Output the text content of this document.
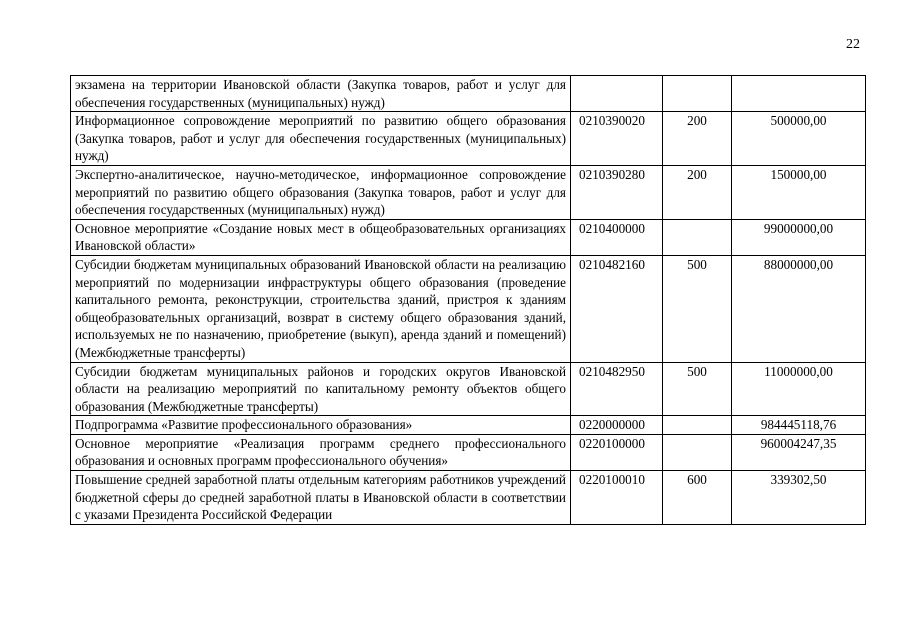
22
экзамена на территории Ивановской области (Закупка товаров, работ и услуг для обеспечения государственных (муниципальных) нужд)			
Информационное сопровождение мероприятий по развитию общего образования (Закупка товаров, работ и услуг для обеспечения государственных (муниципальных) нужд)	0210390020	200	500000,00
Экспертно-аналитическое, научно-методическое, информационное сопровождение мероприятий по развитию общего образования (Закупка товаров, работ и услуг для обеспечения государственных (муниципальных) нужд)	0210390280	200	150000,00
Основное мероприятие «Создание новых мест в общеобразовательных организациях Ивановской области»	0210400000		99000000,00
Субсидии бюджетам муниципальных образований Ивановской области на реализацию мероприятий по модернизации инфраструктуры общего образования (проведение капитального ремонта, реконструкции, строительства зданий, пристроя к зданиям общеобразовательных организаций, возврат в систему общего образования зданий, используемых не по назначению, приобретение (выкуп), аренда зданий и помещений) (Межбюджетные трансферты)	0210482160	500	88000000,00
Субсидии бюджетам муниципальных районов и городских округов Ивановской области на реализацию мероприятий по капитальному ремонту объектов общего образования (Межбюджетные трансферты)	0210482950	500	11000000,00
Подпрограмма «Развитие профессионального образования»	0220000000		984445118,76
Основное мероприятие «Реализация программ среднего профессионального образования и основных программ профессионального обучения»	0220100000		960004247,35
Повышение средней заработной платы отдельным категориям работников учреждений бюджетной сферы до средней заработной платы в Ивановской области в соответствии с указами Президента Российской Федерации	0220100010	600	339302,50
